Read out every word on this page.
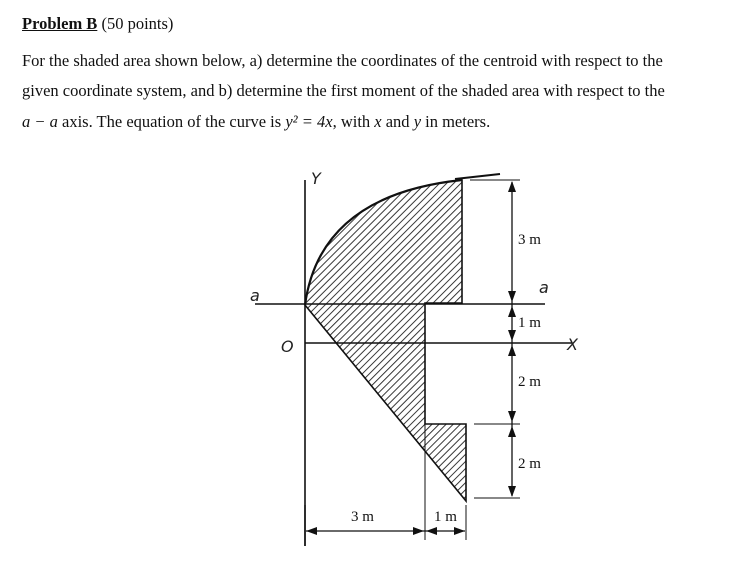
Problem B (50 points)
For the shaded area shown below, a) determine the coordinates of the centroid with respect to the
given coordinate system, and b) determine the first moment of the shaded area with respect to the
a − a axis. The equation of the curve is y² = 4x, with x and y in meters.
Y
X
O
a	a
3 m
1 m
2 m
2 m
3 m	1 m
